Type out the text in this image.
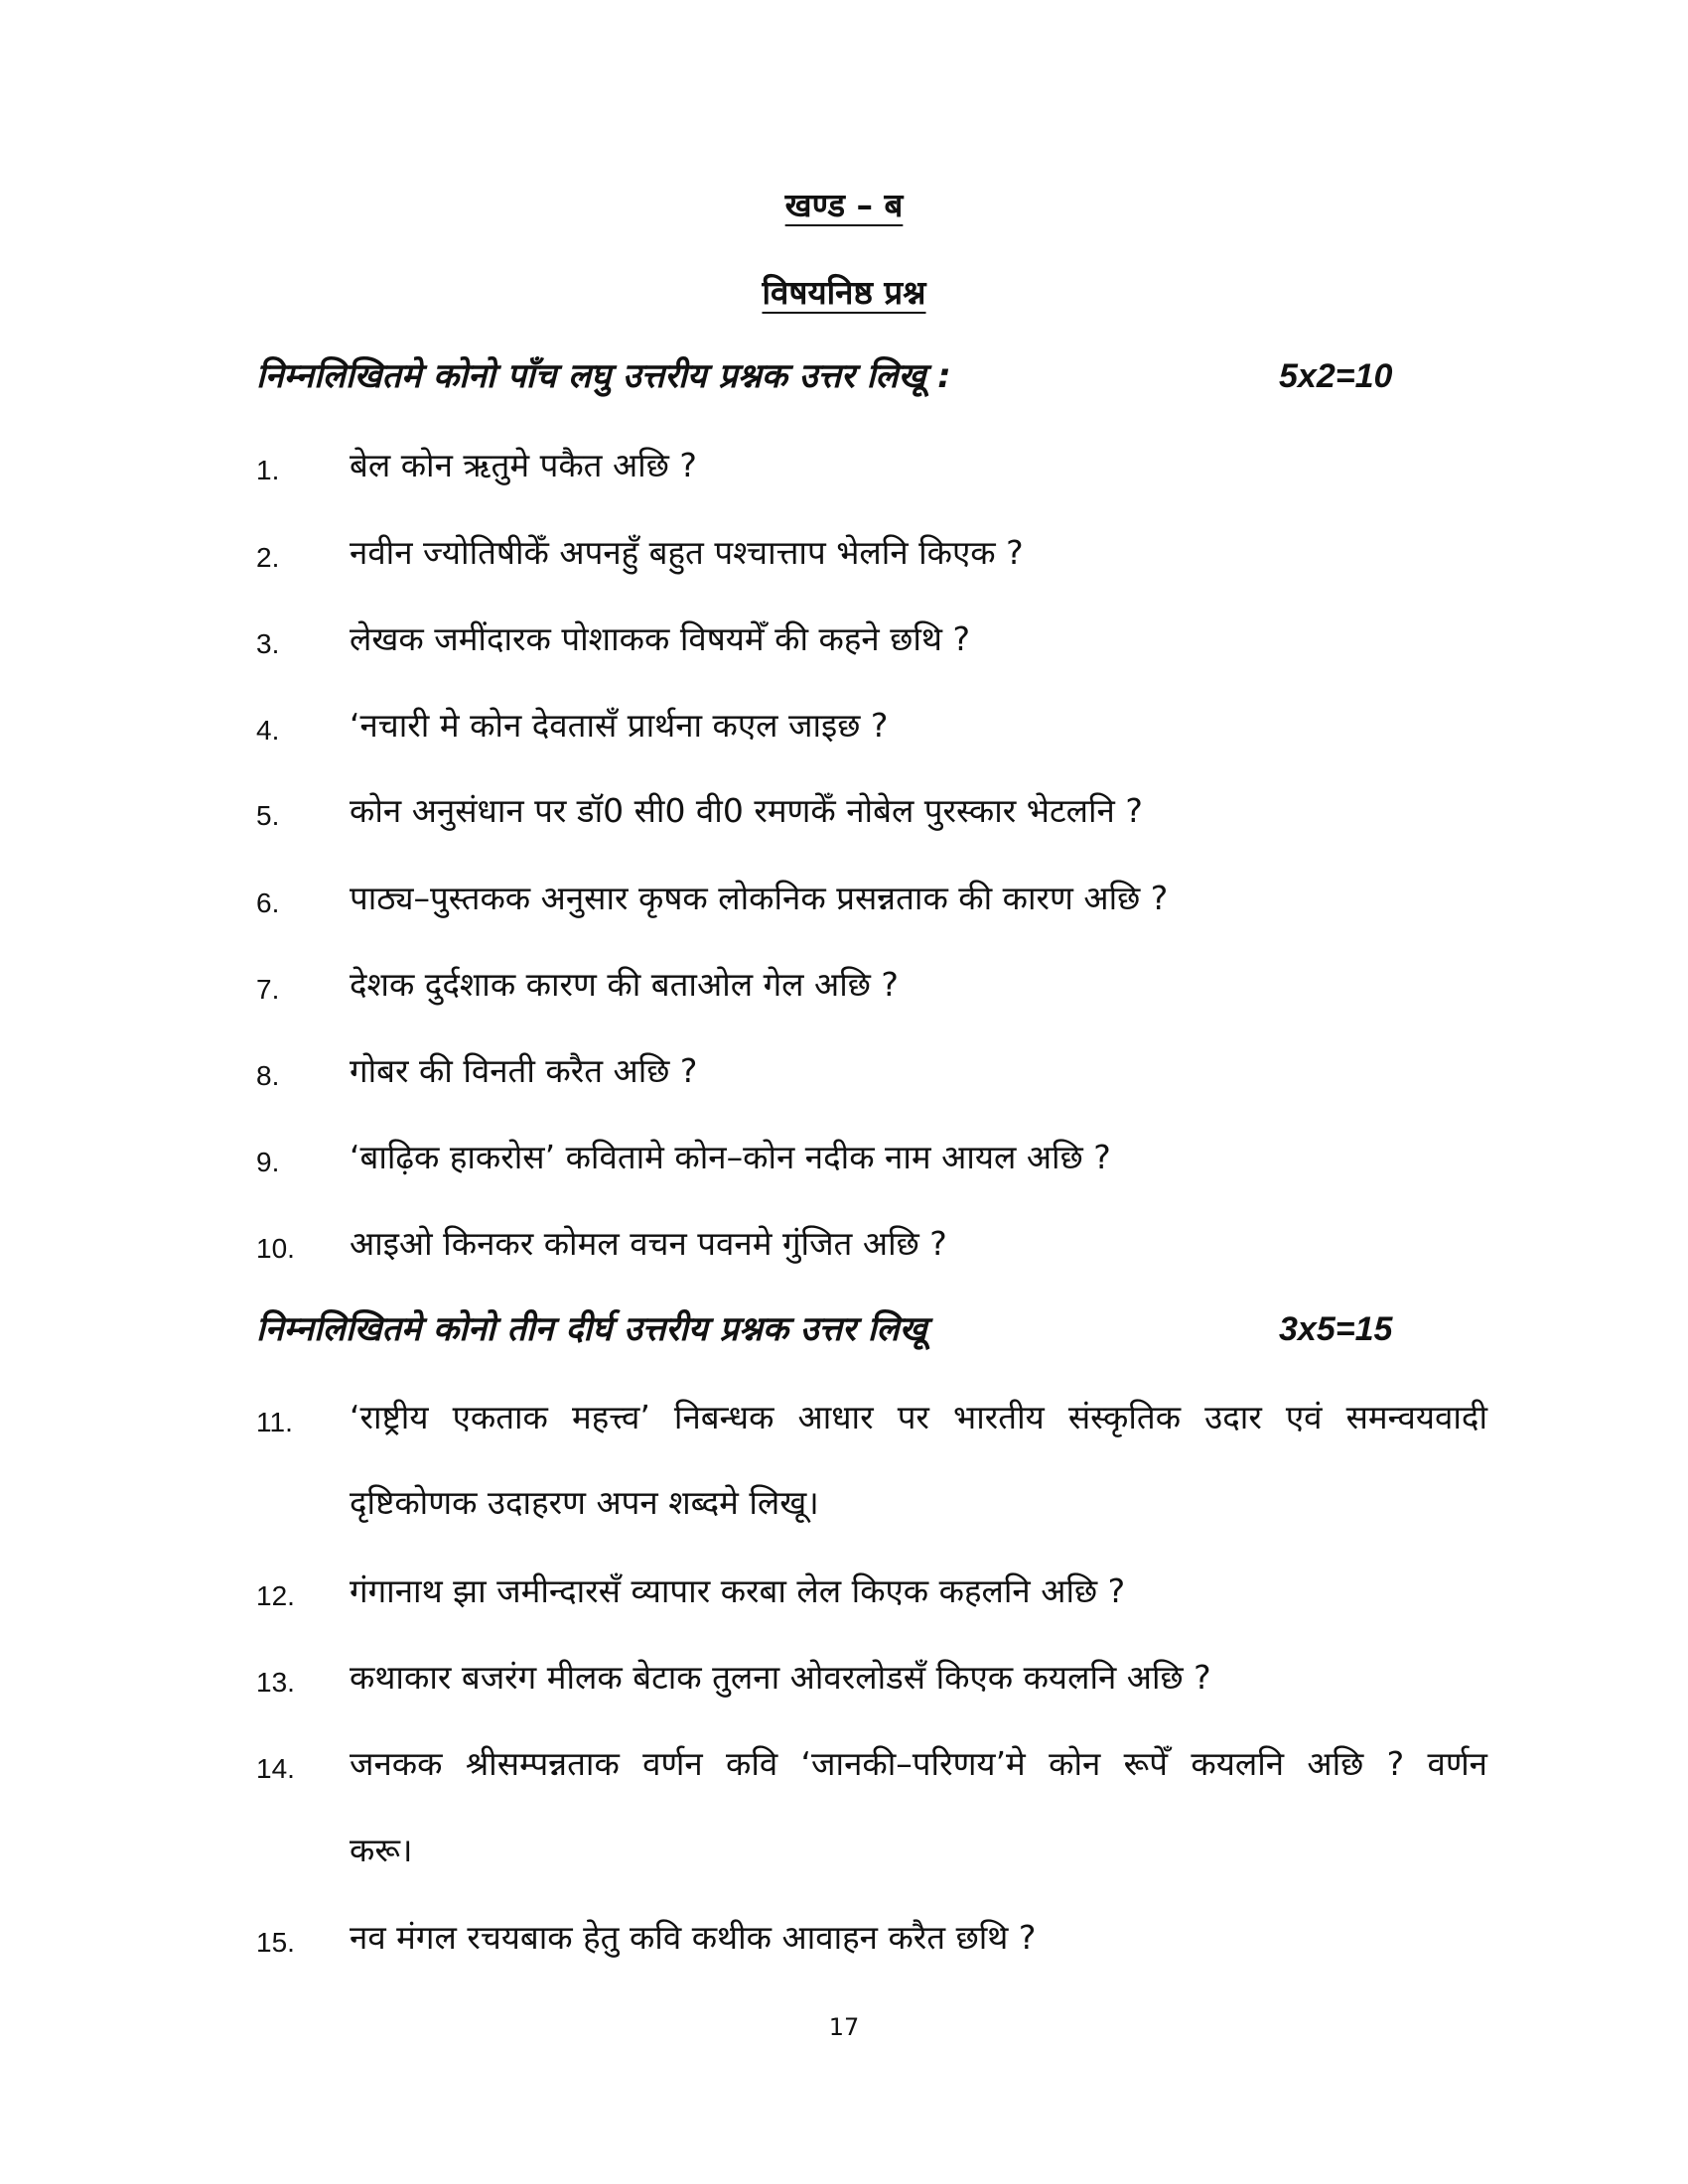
खण्ड – ब
विषयनिष्ठ प्रश्न
निम्नलिखितमे कोनो पाँच लघु उत्तरीय प्रश्नक उत्तर लिखू :	5x2=10
1. बेल कोन ऋतुमे पकैत अछि ?
2. नवीन ज्योतिषीकेँ अपनहुँ बहुत पश्चात्ताप भेलनि किएक ?
3. लेखक जमींदारक पोशाकक विषयमेँ की कहने छथि ?
4. ‘नचारी मे कोन देवतासँ प्रार्थना कएल जाइछ ?
5. कोन अनुसंधान पर डॉ0 सी0 वी0 रमणकेँ नोबेल पुरस्कार भेटलनि ?
6. पाठ्य–पुस्तकक अनुसार कृषक लोकनिक प्रसन्नताक की कारण अछि ?
7. देशक दुर्दशाक कारण की बताओल गेल अछि ?
8. गोबर की विनती करैत अछि ?
9. ‘बाढ़िक हाकरोस’ कवितामे कोन–कोन नदीक नाम आयल अछि ?
10. आइओ किनकर कोमल वचन पवनमे गुंजित अछि ?
निम्नलिखितमे कोनो तीन दीर्घ उत्तरीय प्रश्नक उत्तर लिखू	3x5=15
11. ‘राष्ट्रीय एकताक महत्त्व’ निबन्धक आधार पर भारतीय संस्कृतिक उदार एवं समन्वयवादी
दृष्टिकोणक उदाहरण अपन शब्दमे लिखू।
12. गंगानाथ झा जमीन्दारसँ व्यापार करबा लेल किएक कहलनि अछि ?
13. कथाकार बजरंग मीलक बेटाक तुलना ओवरलोडसँ किएक कयलनि अछि ?
14. जनकक श्रीसम्पन्नताक वर्णन कवि ‘जानकी–परिणय’मे कोन रूपेँ कयलनि अछि ? वर्णन
करू।
15. नव मंगल रचयबाक हेतु कवि कथीक आवाहन करैत छथि ?
17
